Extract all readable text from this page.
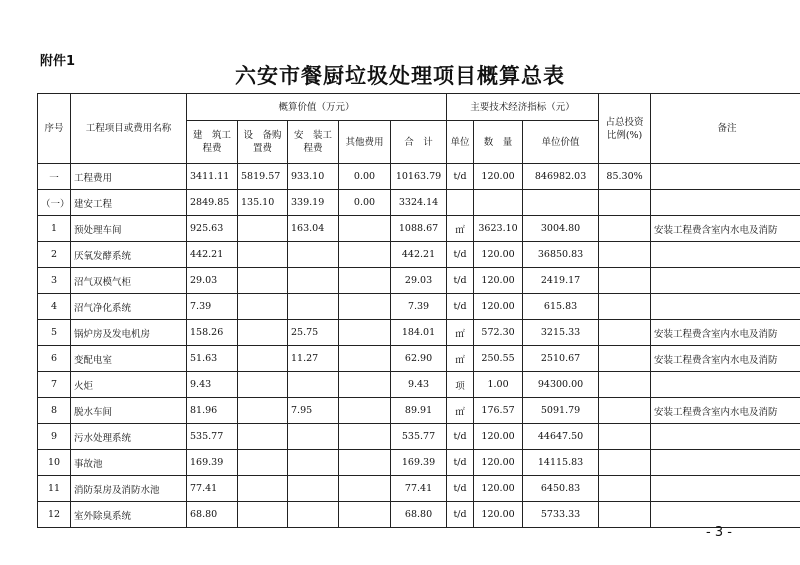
附件1
六安市餐厨垃圾处理项目概算总表
序号	工程项目或费用名称	概算价值（万元）					主要技术经济指标（元）			占总投资比例(%)	备注
		建　筑工程费	设　备购置费	安　装工程费	其他费用	合　计	单位	数　量	单位价值		
一	工程费用	3411.11	5819.57	933.10	0.00	10163.79	t/d	120.00	846982.03	85.30%	
（一）	建安工程	2849.85	135.10	339.19	0.00	3324.14					
1	预处理车间	925.63		163.04		1088.67	㎡	3623.10	3004.80		安装工程费含室内水电及消防
2	厌氧发酵系统	442.21				442.21	t/d	120.00	36850.83		
3	沼气双模气柜	29.03				29.03	t/d	120.00	2419.17		
4	沼气净化系统	7.39				7.39	t/d	120.00	615.83		
5	锅炉房及发电机房	158.26		25.75		184.01	㎡	572.30	3215.33		安装工程费含室内水电及消防
6	变配电室	51.63		11.27		62.90	㎡	250.55	2510.67		安装工程费含室内水电及消防
7	火炬	9.43				9.43	项	1.00	94300.00		
8	脱水车间	81.96		7.95		89.91	㎡	176.57	5091.79		安装工程费含室内水电及消防
9	污水处理系统	535.77				535.77	t/d	120.00	44647.50		
10	事故池	169.39				169.39	t/d	120.00	14115.83		
11	消防泵房及消防水池	77.41				77.41	t/d	120.00	6450.83		
12	室外除臭系统	68.80				68.80	t/d	120.00	5733.33		
- 3 -
